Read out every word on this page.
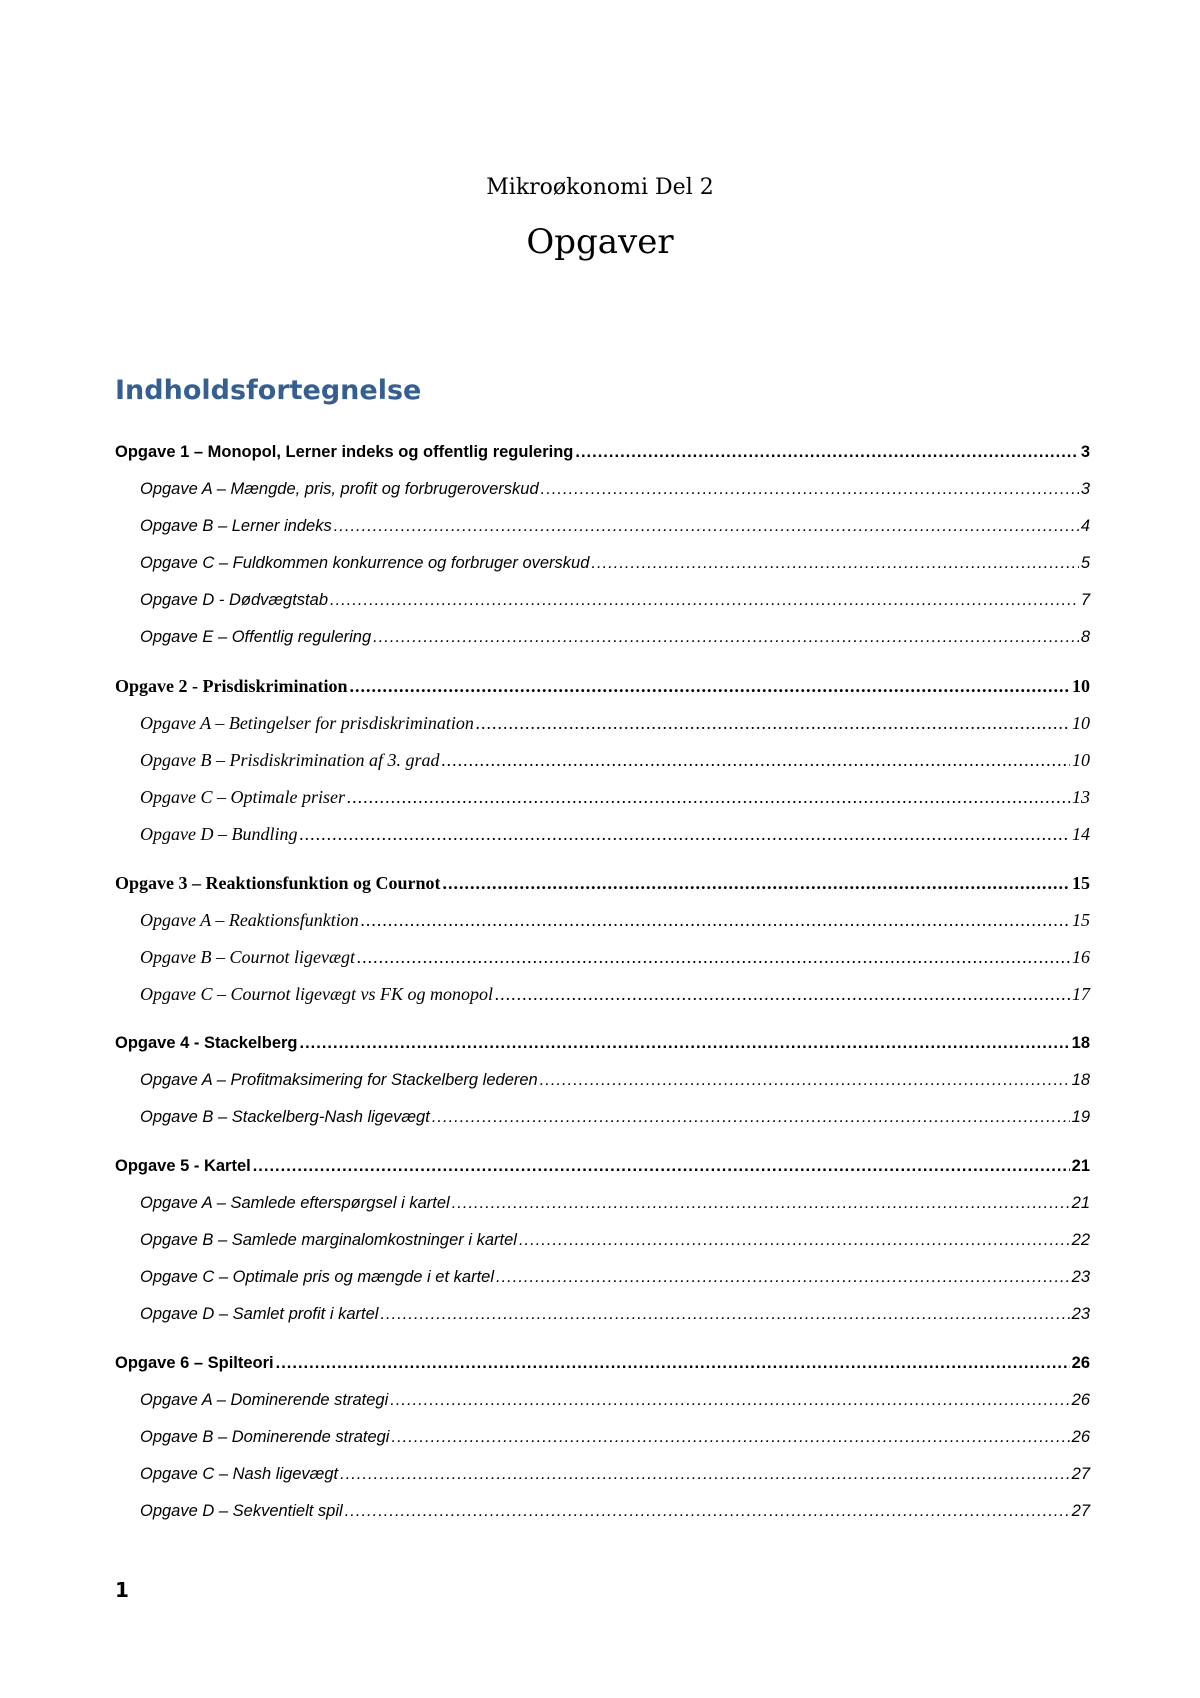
Mikroøkonomi Del 2
Opgaver
Indholdsfortegnelse
Opgave 1 – Monopol, Lerner indeks og offentlig regulering .....	3
Opgave A – Mængde, pris, profit og forbrugeroverskud .....	3
Opgave B – Lerner indeks .....	4
Opgave C – Fuldkommen konkurrence og forbruger overskud .....	5
Opgave D - Dødvægtstab .....	7
Opgave E – Offentlig regulering .....	8
Opgave 2 - Prisdiskrimination .....	10
Opgave A – Betingelser for prisdiskrimination .....	10
Opgave B – Prisdiskrimination af 3. grad .....	10
Opgave C – Optimale priser .....	13
Opgave D – Bundling .....	14
Opgave 3 – Reaktionsfunktion og Cournot .....	15
Opgave A – Reaktionsfunktion .....	15
Opgave B – Cournot ligevægt .....	16
Opgave C – Cournot ligevægt vs FK og monopol .....	17
Opgave 4 - Stackelberg .....	18
Opgave A – Profitmaksimering for Stackelberg lederen .....	18
Opgave B – Stackelberg-Nash ligevægt .....	19
Opgave 5 - Kartel .....	21
Opgave A – Samlede efterspørgsel i kartel .....	21
Opgave B – Samlede marginalomkostninger i kartel .....	22
Opgave C – Optimale pris og mængde i et kartel .....	23
Opgave D – Samlet profit i kartel .....	23
Opgave 6 – Spilteori .....	26
Opgave A – Dominerende strategi .....	26
Opgave B – Dominerende strategi .....	26
Opgave C – Nash ligevægt .....	27
Opgave D – Sekventielt spil .....	27
1
